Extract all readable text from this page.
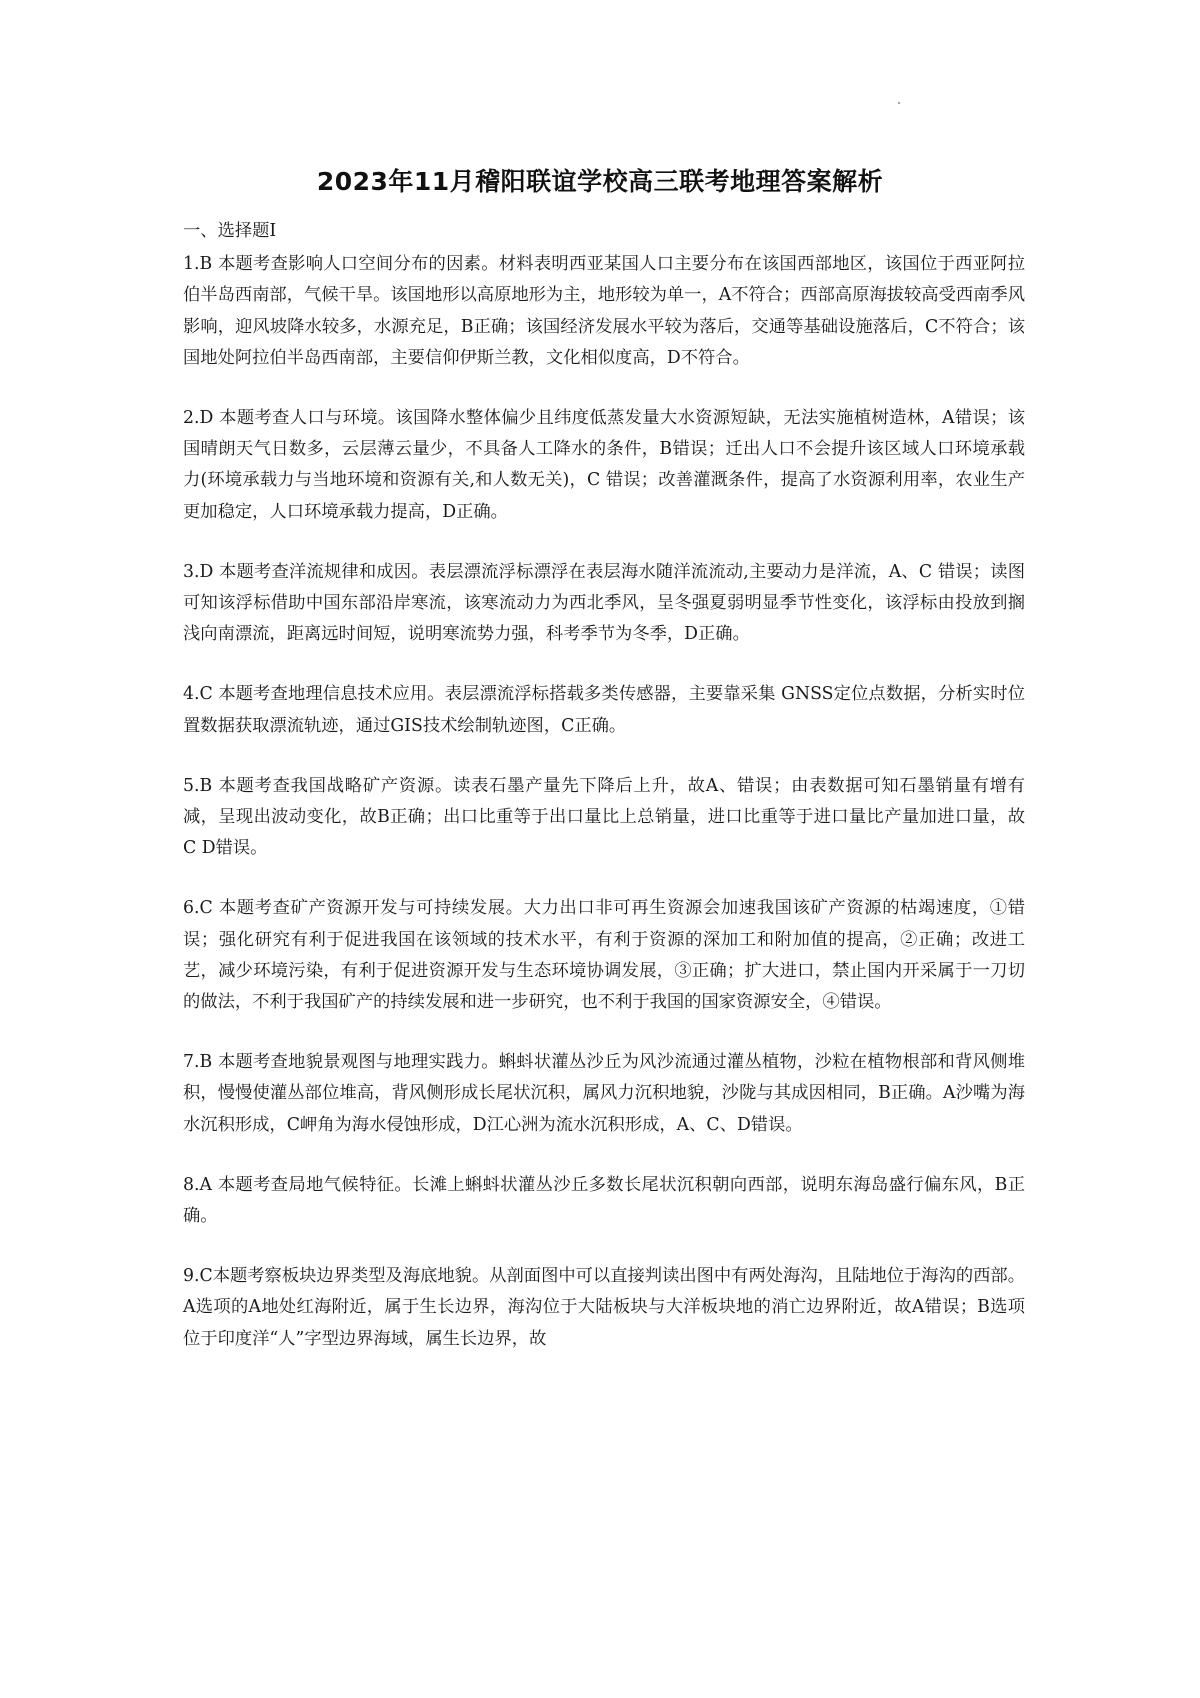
2023年11月稽阳联谊学校高三联考地理答案解析
一、选择题Ⅰ

1.B 本题考查影响人口空间分布的因素。材料表明西亚某国人口主要分布在该国西部地区，该国位于西亚阿拉伯半岛西南部，气候干旱。该国地形以高原地形为主，地形较为单一，A不符合；西部高原海拔较高受西南季风影响，迎风坡降水较多，水源充足，B正确；该国经济发展水平较为落后，交通等基础设施落后，C不符合；该国地处阿拉伯半岛西南部，主要信仰伊斯兰教，文化相似度高，D不符合。

2.D 本题考查人口与环境。该国降水整体偏少且纬度低蒸发量大水资源短缺，无法实施植树造林，A错误；该国晴朗天气日数多，云层薄云量少，不具备人工降水的条件，B错误；迁出人口不会提升该区域人口环境承载力(环境承载力与当地环境和资源有关,和人数无关)，C 错误；改善灌溉条件，提高了水资源利用率，农业生产更加稳定，人口环境承载力提高，D正确。

3.D 本题考查洋流规律和成因。表层漂流浮标漂浮在表层海水随洋流流动,主要动力是洋流，A、C 错误；读图可知该浮标借助中国东部沿岸寒流，该寒流动力为西北季风，呈冬强夏弱明显季节性变化，该浮标由投放到搁浅向南漂流，距离远时间短，说明寒流势力强，科考季节为冬季，D正确。

4.C 本题考查地理信息技术应用。表层漂流浮标搭载多类传感器，主要靠采集 GNSS定位点数据，分析实时位置数据获取漂流轨迹，通过GIS技术绘制轨迹图，C正确。

5.B 本题考查我国战略矿产资源。读表石墨产量先下降后上升，故A、错误；由表数据可知石墨销量有增有减，呈现出波动变化，故B正确；出口比重等于出口量比上总销量，进口比重等于进口量比产量加进口量，故 C D错误。

6.C 本题考查矿产资源开发与可持续发展。大力出口非可再生资源会加速我国该矿产资源的枯竭速度，①错误；强化研究有利于促进我国在该领域的技术水平，有利于资源的深加工和附加值的提高，②正确；改进工艺，减少环境污染，有利于促进资源开发与生态环境协调发展，③正确；扩大进口，禁止国内开采属于一刀切的做法，不利于我国矿产的持续发展和进一步研究，也不利于我国的国家资源安全，④错误。

7.B 本题考查地貌景观图与地理实践力。蝌蚪状灌丛沙丘为风沙流通过灌丛植物，沙粒在植物根部和背风侧堆积，慢慢使灌丛部位堆高，背风侧形成长尾状沉积，属风力沉积地貌，沙陇与其成因相同，B正确。A沙嘴为海水沉积形成，C岬角为海水侵蚀形成，D江心洲为流水沉积形成，A、C、D错误。

8.A 本题考查局地气候特征。长滩上蝌蚪状灌丛沙丘多数长尾状沉积朝向西部，说明东海岛盛行偏东风，B正确。

9.C本题考察板块边界类型及海底地貌。从剖面图中可以直接判读出图中有两处海沟，且陆地位于海沟的西部。A选项的A地处红海附近，属于生长边界，海沟位于大陆板块与大洋板块地的消亡边界附近，故A错误；B选项位于印度洋“人”字型边界海域，属生长边界，故
